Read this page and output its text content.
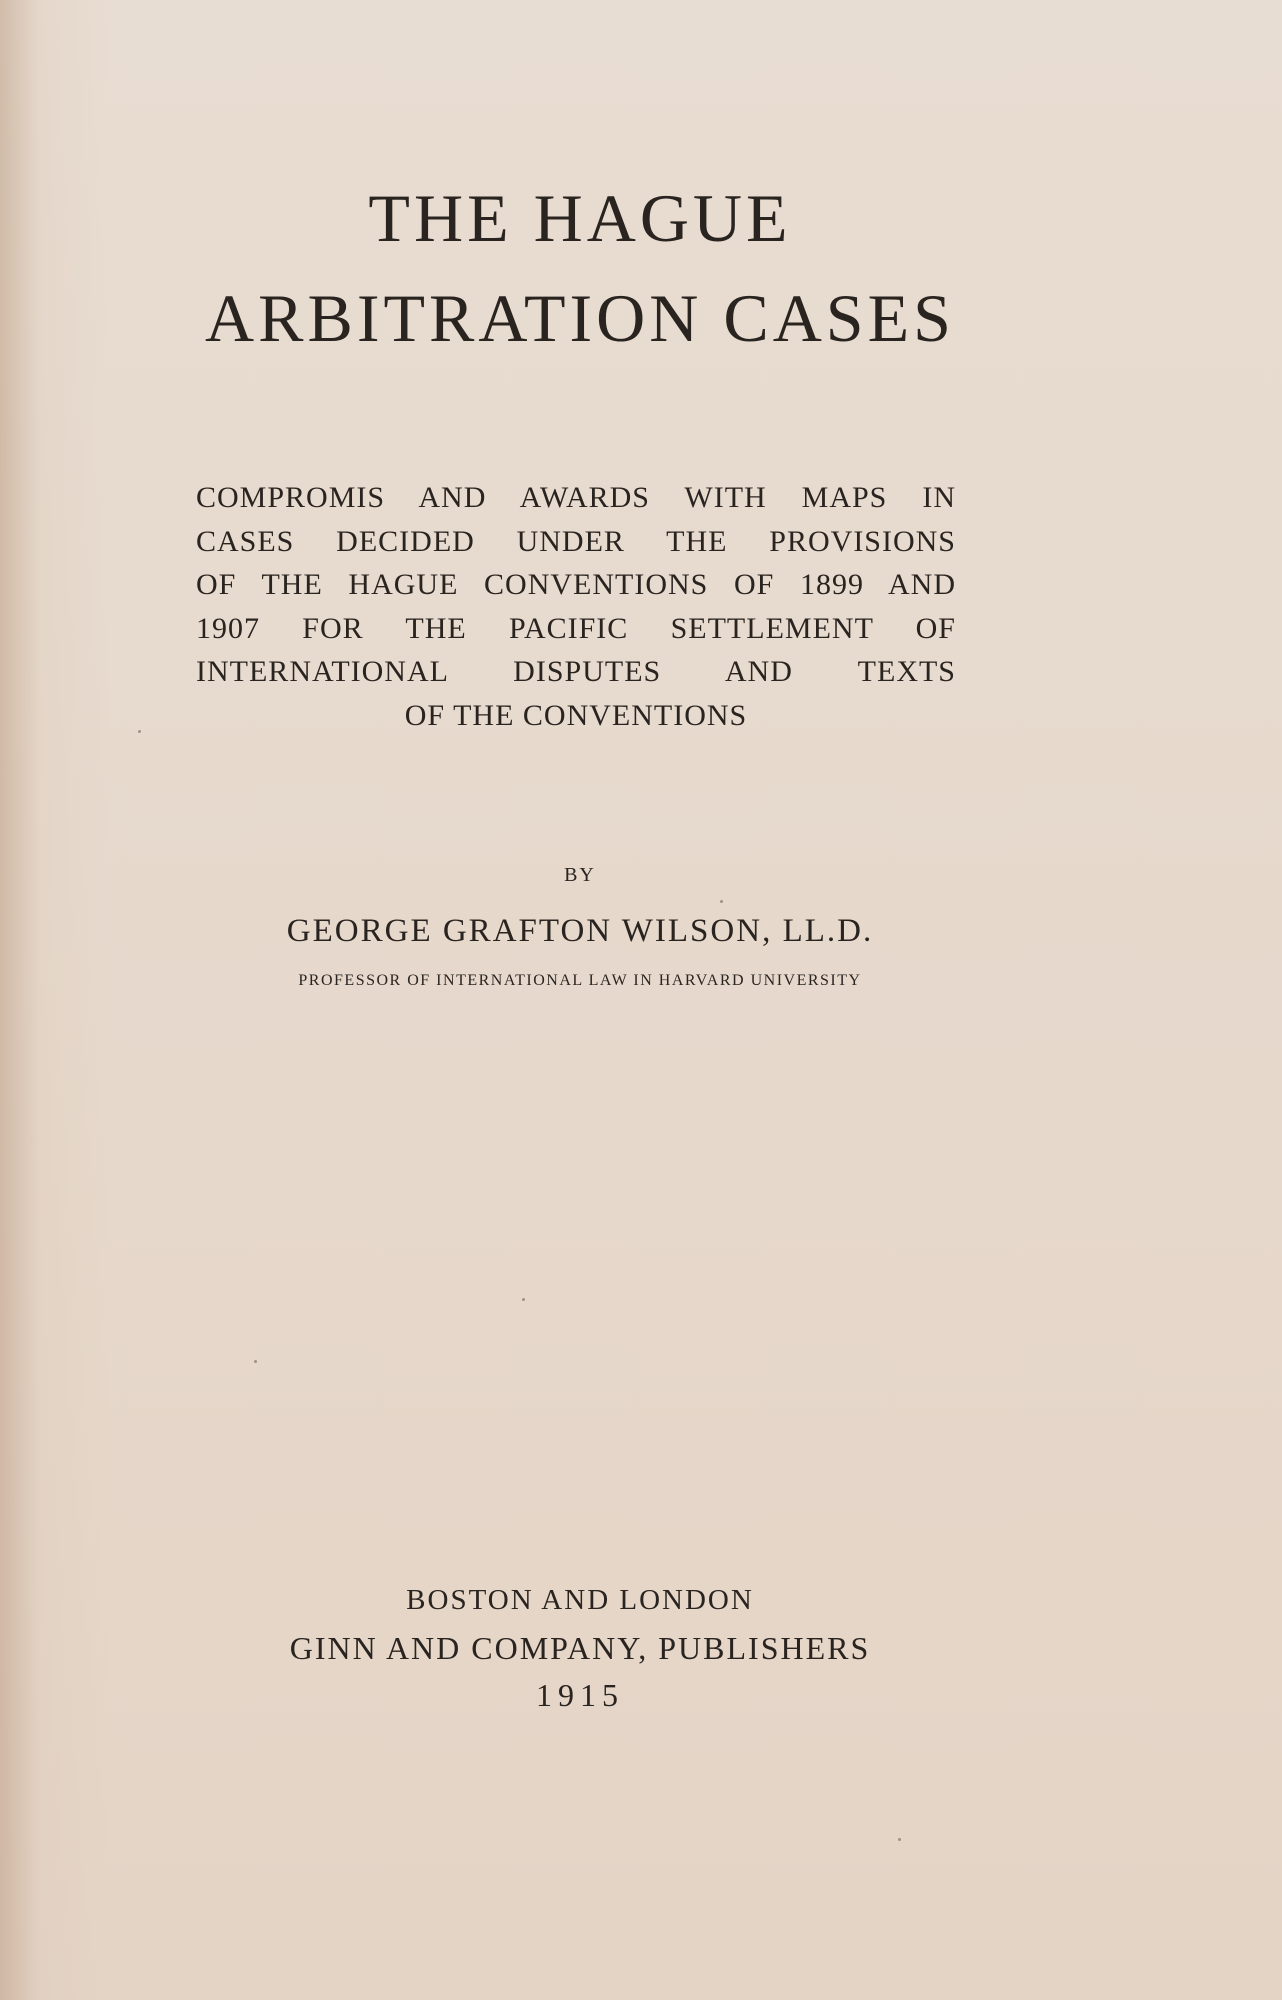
THE HAGUE
ARBITRATION CASES
COMPROMIS AND AWARDS WITH MAPS IN
CASES DECIDED UNDER THE PROVISIONS
OF THE HAGUE CONVENTIONS OF 1899 AND
1907 FOR THE PACIFIC SETTLEMENT OF
INTERNATIONAL DISPUTES AND TEXTS
OF THE CONVENTIONS
BY
GEORGE GRAFTON WILSON, LL.D.
PROFESSOR OF INTERNATIONAL LAW IN HARVARD UNIVERSITY
BOSTON AND LONDON
GINN AND COMPANY, PUBLISHERS
1915
